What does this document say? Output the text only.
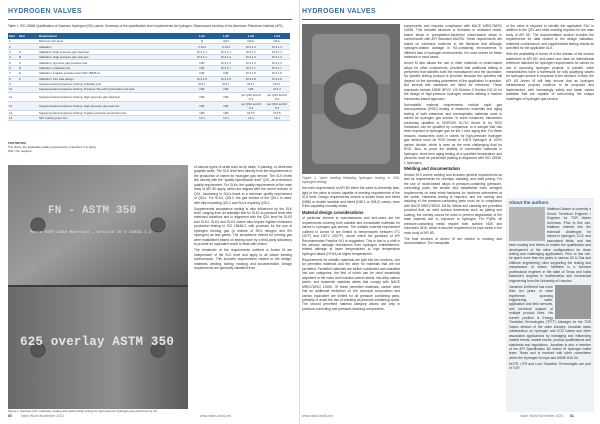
HYDROGEN VALVES
Table 1. ISO 15848 Qualification of Gaseous Hydrogen (GH) valves. Summary of the specification level requirements for hydrogen. Reproduced courtesy of the American Petroleum Institute (API).
Item	Item	Requirement	Lvl1	Lvl2	Lvl3	Lvl4
1		Minimum Q/L level	Q	QS1	QS1+	QS1+
2		Validation	3.10.4	3.10.4	M 3.1.4	M 3.1.4
3	A	Validation: High-pressure gas shell test	M 3.1.1	M 3.1.1	M 3.1.1	M 3.1.1
4	B	Validation: High-pressure gas seat test	M 3.1.2	M 3.1.2	M 3.1.2	M 3.1.2
5	C	Validation: Dynamic gas pressure test	N/R	M 3.1.3	M 3.1.3	M 3.1.3
6	D	Validation: Antistatic test	N/R	M 3.1.7	M 3.1.7	M 3.1.7
7	E	Validation: Fugitive emission test (ISO 15848-1)	N/R	N/R	M 3.1.5	M 3.1.5
8	F	Validation: Fire safe design	M 3.1.8	M 3.1.8	M 3.1.8	M 3.1.8
9		Supplemental Acceptance Testing: Antistatic test	M 6.1	M 6.1	M 6.1	M 6.1
10		Supplemental Acceptance Testing: Pressure Test with hydrostatic end load	N/R	N/R	N/R	M 6.4
11		Supplemental Acceptance Testing: High-pressure gas shell test	N/R	N/R	per QS2 and M 6.3	per QS2 and M 6.3
12		Supplemental Acceptance Testing: High-pressure gas seat test	N/R	N/R	per QS2 and M 6.3	per QS2 and M 6.3
13		Supplemental Acceptance Testing: Fugitive emission production test	N/R	N/R	M 6.5	M 6.5
14		SLK marking (see NL)	12.1	12.1	12.1	12.1
FOOTNOTES
*For SLKs, the applicable quality requirements of Sections 4 to apply.
N/R = No required.
FN - ASTM 350
Paste SOFT A350 Material - Article ID # 32032-1_2
625 overlay ASTM 350
Figure 1. Samples from materials, coating and weld overlay testing for high-pressure hydrogen gas performed by CH.

of various types of seals such as lip seals, V-packing, or deformed graphite seals. The SLK level tiers directly from the requirements in the production of valves for hydrogen gas service. The SLK levels link directly with the "quality specification level" QSL, as a minimum quality requirement. For SLKs, the quality requirements of the main body of API 6D apply, which are aligned with the recent revision of QSL. Increasing to SLKs leads to a minimum quality requirement of QSL1. For SLK2, QSL2, the gas version of the QSL1 is used, with fully impacting QSL2 and SLKs requiring QSL2.

Supplemental acceptance testing is also influenced by the SLK level, ranging from an antistatic test for SLK1 to pressure tests with extended durations and in alignment with the QSL level for SLK3 and SLK4. SLK3 and SLK4 valves also require fugitive emissions production testing to ISO 15848-2, with provision for the use of hydrogen forming gas (a mixture of 95% nitrogen and 5% hydrogen) as test gases. The acceptance criteria for forming gas were established based on testing done by a third-party laboratory to provide an equivalent result to tests with helium.

The remainder of the requirements outlined in Annex M are independent of the SLK level and apply to all valves seeking conformance. This includes requirements related to the design, materials, welding, bolting, marking, and documentation. Design requirements are generally classified from

80	Valve World November 2024	www.valve-world.net
HYDROGEN VALVES

Figure 2. Valve sealing following hydrogen testing in 316L hydrogen testing.

the main requirements of API 6D either the valve is inherently leak-tight or the valve is shown capable of meeting requirements of the SLK level. Design requirements include a double block and bleed (DBB) or double isolation and bleed (DIB-1 or DIB-2) valves, even if this capability normally exists.

Material design considerations

of particular interest to manufacturers and end-users are the requirements covering both suitable and nonsuitable materials for valves in hydrogen gas service. The metallic material requirement outlined in Annex M are limited to temperatures between 0°C (32°F) and 150°C (302°F), above which the guidance of API Recommended Practice 941 is suggested. This is due to a shift in the primary damage mechanism from hydrogen embrittlement-related damage at lower temperatures to high temperature hydrogen attack (HTHA) at higher temperatures.

Requirements for metallic materials are split into two sections, one for permitted materials and the other for materials that are not permitted. Permitted materials are further subdivided and classified into two categories, the first of which can be used essentially anywhere in the valve and includes carbon steels, low-alloy carbon steels, and austenitic stainless steels that comply with NACE MR0175/ISO 15156. Of these permitted materials, carbon steel has an additional restriction on the chemical composition and carbon equivalent are limited for all pressure containing parts, primarily to avoid the risk of cracking at pressure-containing welds. The second permitted material category allows use only in pressure-controlling and pressure-retaining components.

components and requires compliance with NACE MR0175/ISO 15156. This includes structure or threaded or annealed nickel-based alloys in precipitation-hardened nickel-based alloys in conformance with API Standard 6ACRA. These requirements are based on extensive evidence in the literature that although hydrogen-related damage in H2-containing environments is different than in hydrogen environments, it is more severe for these materials in most cases.

Annex M also allows the use of other materials or nickel-based alloys for other components, provided that additional testing is performed that satisfies both the manufacturer and the purchaser. No specific testing protocol is provided because the specifics will depend on the operating parameters of the application in question. But several test standards are listed for reference. These standards include ASME BPVC VIII Division 3 Section KD-10 for the design of high-pressure hydrogen vessels utilising a fracture mechanics-based approach.

Nonmetallic material requirements include rapid gas decompression (RGD) testing of elastomer materials and aging testing of both elastomer and thermoplastic materials used in valves for hydrogen gas service. In some instances, elastomers previously qualified to NORSOK M-710 Annex B for RGD resistance can be qualified by comparison to a sample that has been exposed to hydrogen gas for the 1 hour aging test. For these reasons, elastomers used in valves for high-pressure hydrogen gas service must be RGD tested in 100% hydrogen or 100% carbon dioxide, which is seen as the most challenging fluid for RGD. Also, to prove the stability of nonmetallic materials in hydrogen, short-term aging testing at a specified temperature and pressure must be performed (lasting in alignment with ISO 23936-1 hydrogen).

Welding and documentation

Section M.4 covers welding and includes general requirements as well as requirements for overlays, cladding, and weld joining. For the use of nickel-based alloys in pressure-containing (pressure-controlling) parts, the section also establishes more stringent requirements on weld metal hardness for hardness determined at the welds. Hardness testing is required, and the overlay and cladding of the pressure-containing parts must be in compliance with NACE MR0175/ISO 15156. Welds and cladding are permitted provided that, on weld surface treatments such as plating and coating, the overlay cannot be used to prevent degradation of the base material due to exposure to hydrogen. For PQRs, all pressure-containing welds require both surface NDE and volumetric NDE, which is also the requirement for pipe welds in the main body of API 6D.

The final sections of Annex M are related to marking and documentation. The nameplate

of the valve is required to identify the applicable SLK in addition to the QSL and other marking required for the main body of API 6D. The documentation section includes the requirements for data related to the design validation, materials conformance, and supplemental testing results as specified for the applicable SLK.

With the availability of Annex M in the release of the second addendum to API 6D, end-users now have an international reference standard for hydrogen requirements for valves for use in upcoming hydrogen projects. In parallel, valve manufacturers have a framework for fully qualifying valves for hydrogen service in response to the demand. In time, the API 6D Annex M will help ensure that as hydrogen infrastructure projects continue to be proposed and implemented, with increasingly safety and faster valves available that are capable of overcoming the unique challenges of hydrogen gas service.

www.valve-world.net	Valve World November 2024 81
About the authors

Matthew Dotson is currently a Senior Technical Engineer / Engineer for TOR Valves Americas. Prior to this role, Matthew entered into the technical challenges for valves in hydrogen, CO2, and associated fields, and has been leading test efforts to enable the qualification and development of the valve configurations for those testing and challenging applications. Prior to this role, he spent more than ten years in various Oil & Gas and offshore engineering roles supporting the testing and manufacture of valves. Matthew is a licensed professional engineer in the state of Texas and holds bachelor's degrees in mathematics and mechanical engineering from the University of Houston.

Jonathan DeWeerd has more than ten years of valve experience, spanning engineering, sales, application and field services, and technical support of multiple product lines. His current position is Energy Transition Technologies ("ETT") Manager for the TOR Valves division of the valve industry. Jonathan leads collaboration on hydrogen and CO2 valves and other associated applications by managing and influencing market trends, market needs, product qualifications and standards and regulations. Jonathan is also a member of the API Specification 6D Annex M hydrogen ballot team. Texas and is involved with other committees within the Hydrogen Europe and ASME B16.34.

NOTE: CFR and Lord Transition Technologies are part of TOR.
